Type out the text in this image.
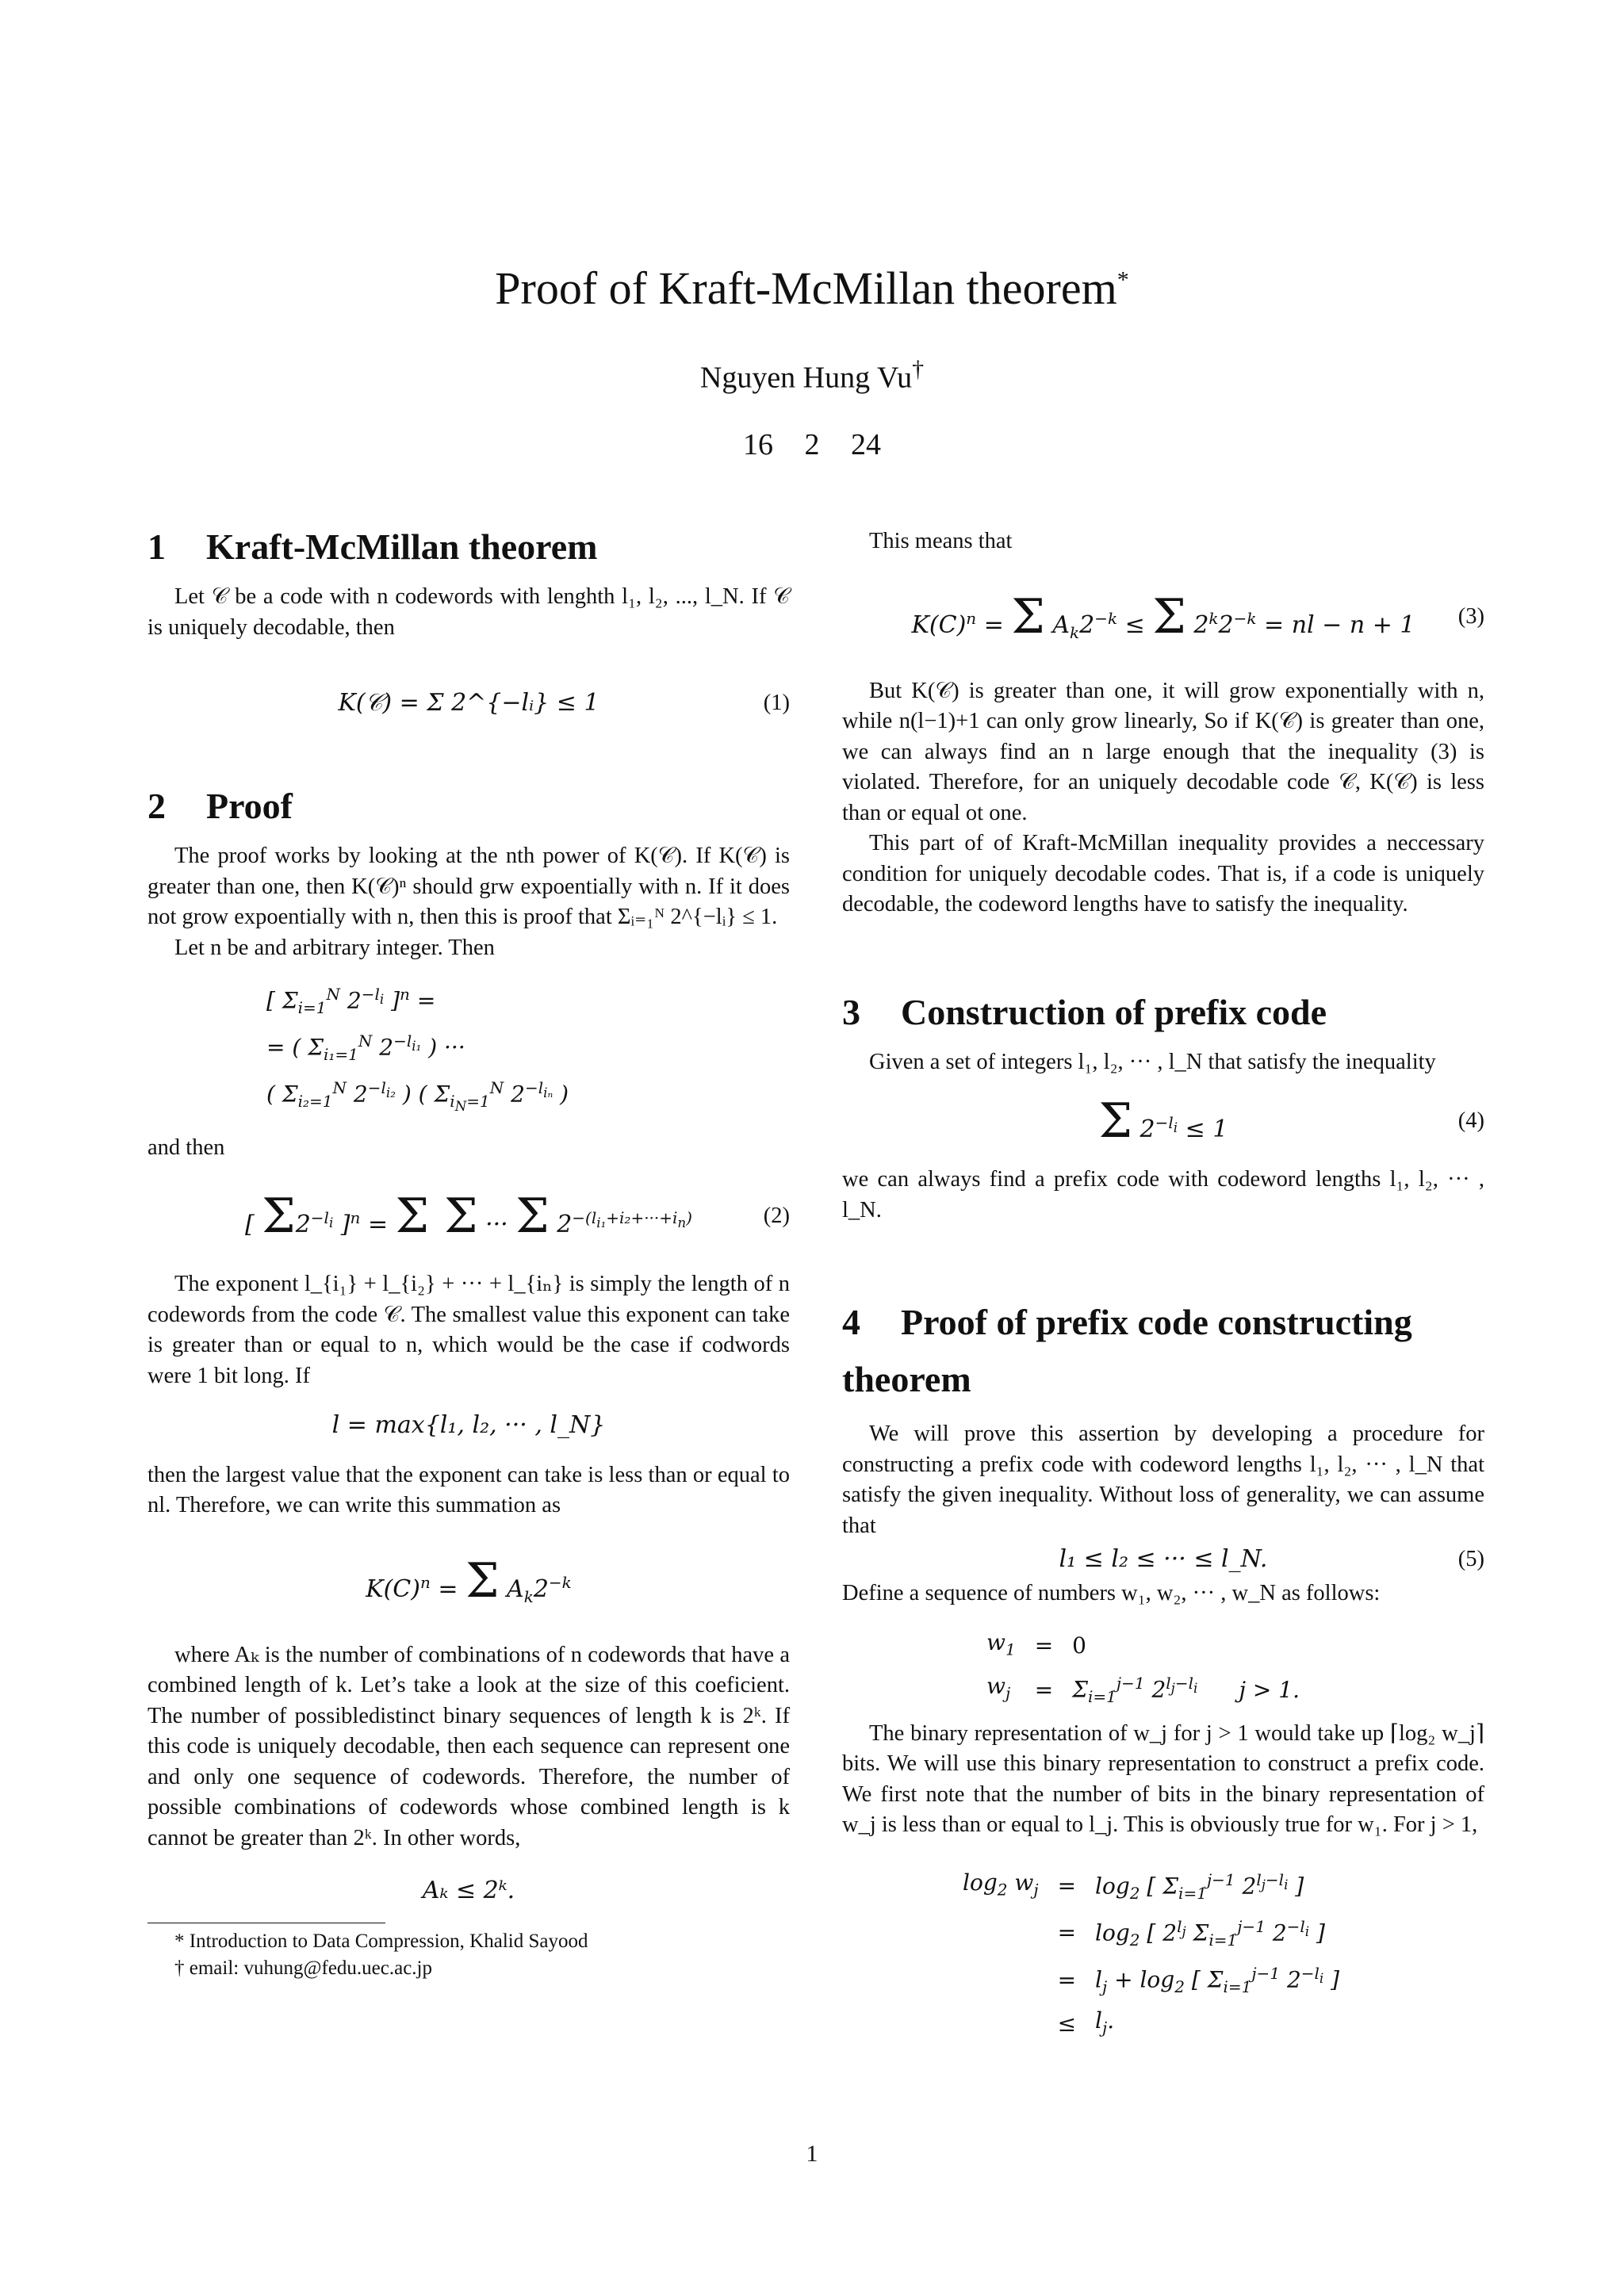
Proof of Kraft-McMillan theorem*
Nguyen Hung Vu†
16 2 24
1 Kraft-McMillan theorem

Let 𝒞 be a code with n codewords with lenghth l₁, l₂, ..., l_N. If 𝒞 is uniquely decodable, then

K(𝒞) = Σ 2^{−lᵢ} ≤ 1	(1)
2 Proof

The proof works by looking at the nth power of K(𝒞). If K(𝒞) is greater than one, then K(𝒞)ⁿ should grw expoentially with n. If it does not grow expoentially with n, then this is proof that Σᵢ₌₁ᴺ 2^{−lᵢ} ≤ 1.

Let n be and arbitrary integer. Then

[ $\Sigma_{i=1}^N$ $2^{-l_i}$ ]$^n$ =
= ( $\Sigma_{i_1=1}^N$ $2^{-l_{i_1}}$ ) ···
( $\Sigma_{i_2=1}^N$ $2^{-l_{i_2}}$ ) ( $\Sigma_{i_N=1}^N$ $2^{-l_{i_n}}$ )

and then

[ $\Sigma 2^{-l_i}$ ]$^n$ = Σ Σ ··· Σ $2^{-(l_{i_1}+i_2+\cdot\cdot\cdot+i_n)}$	(2)

The exponent l_{i₁} + l_{i₂} + ··· + l_{iₙ} is simply the length of n codewords from the code 𝒞. The smallest value this exponent can take is greater than or equal to n, which would be the case if codwords were 1 bit long. If

l = max{l₁, l₂, ··· , l_N}

then the largest value that the exponent can take is less than or equal to nl. Therefore, we can write this summation as

$K(C)^n = \Sigma$ $A_k2^{-k}$

where Aₖ is the number of combinations of n codewords that have a combined length of k. Let’s take a look at the size of this coeficient. The number of possibledistinct binary sequences of length k is 2ᵏ. If this code is uniquely decodable, then each sequence can represent one and only one sequence of codewords. Therefore, the number of possible combinations of codewords whose combined length is k cannot be greater than 2ᵏ. In other words,

Aₖ ≤ 2ᵏ.
* Introduction to Data Compression, Khalid Sayood
† email: vuhung@fedu.uec.ac.jp

This means that

$K(C)^n = \Sigma$ $A_k2^{-k} \le \Sigma$ $2^k2^{-k}$ = nl − n + 1 (3)

But K(𝒞) is greater than one, it will grow exponentially with n, while n(l−1)+1 can only grow linearly, So if K(𝒞) is greater than one, we can always find an n large enough that the inequality (3) is violated. Therefore, for an uniquely decodable code 𝒞, K(𝒞) is less than or equal ot one.

This part of of Kraft-McMillan inequality provides a neccessary condition for uniquely decodable codes. That is, if a code is uniquely decodable, the codeword lengths have to satisfy the inequality.

3 Construction of prefix code

Given a set of integers l₁, l₂, ··· , l_N that satisfy the inequality

Σ $2^{-l_i} \le 1$	(4)

we can always find a prefix code with codeword lengths l₁, l₂, ··· , l_N.

4 Proof of prefix code constructing theorem

We will prove this assertion by developing a procedure for constructing a prefix code with codeword lengths l₁, l₂, ··· , l_N that satisfy the given inequality. Without loss of generality, we can assume that

l₁ ≤ l₂ ≤ ··· ≤ l_N.	(5)

Define a sequence of numbers w₁, w₂, ··· , w_N as follows:

$w_1$	=	0	
$w_j$	=	$\Sigma_{i=1}^{j-1}$ $2^{l_j-l_i}$	j > 1.

The binary representation of w_j for j > 1 would take up ⌈log₂ w_j⌉ bits. We will use this binary representation to construct a prefix code. We first note that the number of bits in the binary representation of w_j is less than or equal to l_j. This is obviously true for w₁. For j > 1,

$\log_2 w_j$	=	$\log_2$ [ $\Sigma_{i=1}^{j-1}$ $2^{l_j-l_i}$ ]
	=	$\log_2$ [ $2^{l_j}$ $\Sigma_{i=1}^{j-1}$ $2^{-l_i}$ ]
	=	$l_j + \log_2$ [ $\Sigma_{i=1}^{j-1}$ $2^{-l_i}$ ]
	≤	$l_j$.
1
